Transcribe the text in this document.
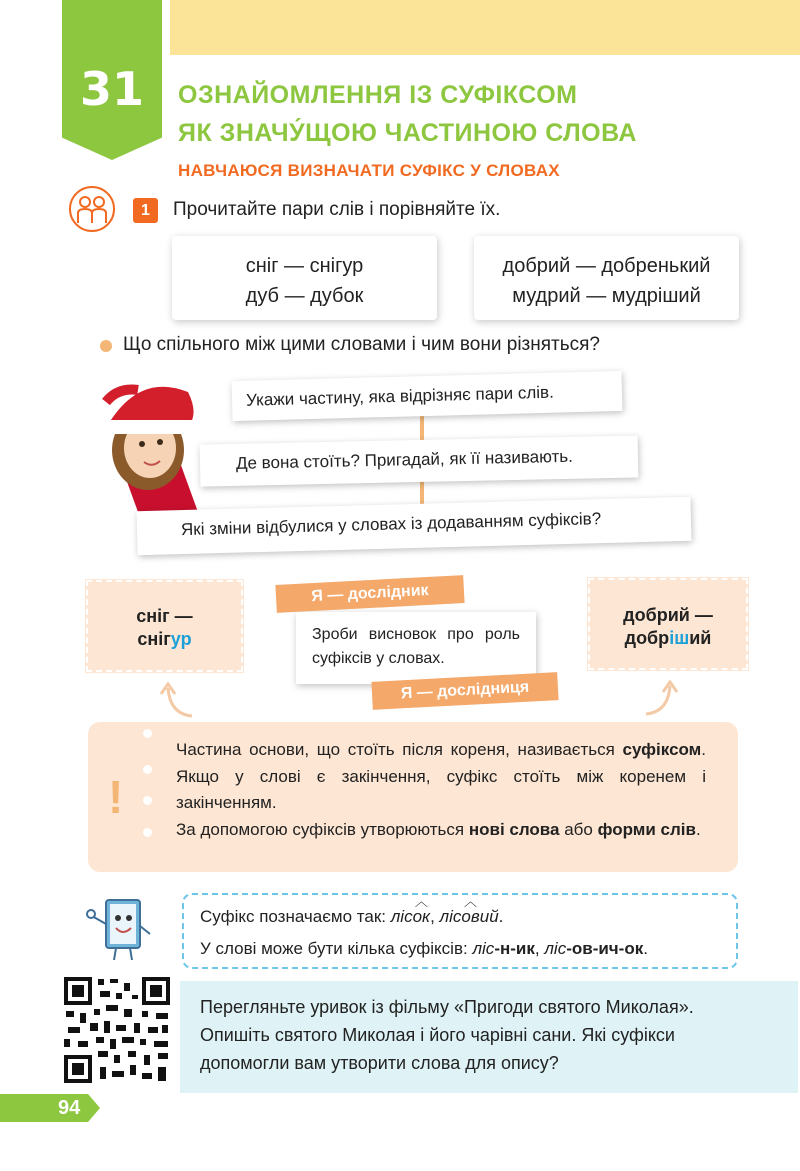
31	ОЗНАЙОМЛЕННЯ ІЗ СУФІКСОМ
ЯК ЗНАЧУ́ЩОЮ ЧАСТИНОЮ СЛОВА
НАВЧАЮСЯ ВИЗНАЧАТИ СУФІКС У СЛОВАХ
1	Прочитайте пари слів і порівняйте їх.
сніг — снігур
дуб — дубок
добрий — добренький
мудрий — мудріший
Що спільного між цими словами і чим вони різняться?
Укажи частину, яка відрізняє пари слів.
Де вона стоїть? Пригадай, як її називають.
Які зміни відбулися у словах із додаванням суфіксів?
сніг —
снігур
добрий —
добріший
Зроби висновок про роль суфіксів у словах.
Я — дослідник
Я — дослідниця
!
Частина основи, що стоїть після кореня, називається суфіксом. Якщо у слові є закінчення, суфікс стоїть між коренем і закінченням.
За допомогою суфіксів утворюються нові слова або форми слів.
Суфікс позначаємо так: ліс
︿
ок, ліс
︿
овий.
У слові може бути кілька суфіксів: ліс-н-ик, ліс-ов-ич-ок.
Перегляньте уривок із фільму «Пригоди святого Миколая».
Опишіть святого Миколая і його чарівні сани. Які суфікси
допомогли вам утворити слова для опису?
94
